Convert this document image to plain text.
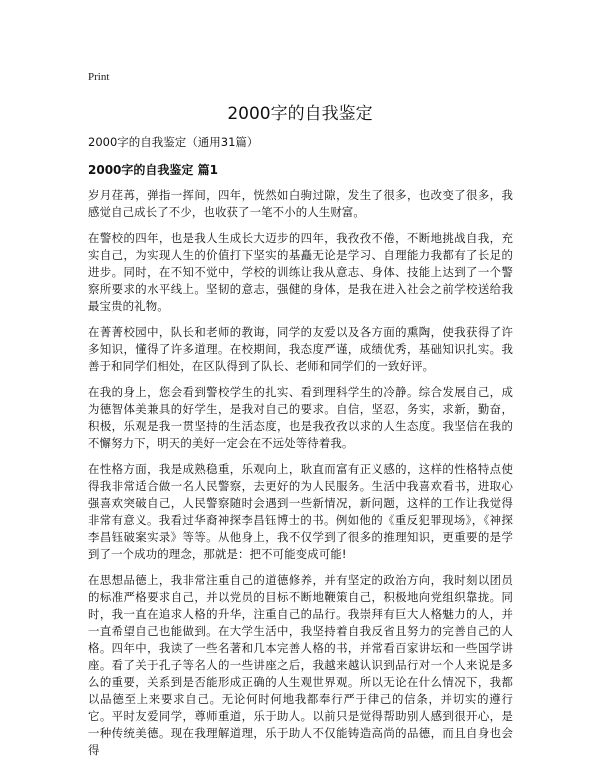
Print
2000字的自我鉴定
2000字的自我鉴定（通用31篇）
2000字的自我鉴定 篇1

岁月荏苒，弹指一挥间，四年，恍然如白驹过隙，发生了很多，也改变了很多，我感觉自己成长了不少，也收获了一笔不小的人生财富。

在警校的四年，也是我人生成长大迈步的四年，我孜孜不倦，不断地挑战自我，充实自己，为实现人生的价值打下坚实的基矗无论是学习、自理能力我都有了长足的进步。同时，在不知不觉中，学校的训练让我从意志、身体、技能上达到了一个警察所要求的水平线上。坚韧的意志，强健的身体，是我在进入社会之前学校送给我最宝贵的礼物。

在菁菁校园中，队长和老师的教诲，同学的友爱以及各方面的熏陶，使我获得了许多知识，懂得了许多道理。在校期间，我态度严谨，成绩优秀，基础知识扎实。我善于和同学们相处，在区队得到了队长、老师和同学们的一致好评。

在我的身上，您会看到警校学生的扎实、看到理科学生的冷静。综合发展自己，成为德智体美兼具的好学生，是我对自己的要求。自信，坚忍，务实，求新，勤奋，积极，乐观是我一贯坚持的生活态度，也是我孜孜以求的人生态度。我坚信在我的不懈努力下，明天的美好一定会在不远处等待着我。

在性格方面，我是成熟稳重，乐观向上，耿直而富有正义感的，这样的性格特点使得我非常适合做一名人民警察，去更好的为人民服务。生活中我喜欢看书，进取心强喜欢突破自己，人民警察随时会遇到一些新情况，新问题，这样的工作让我觉得非常有意义。我看过华裔神探李昌钰博士的书。例如他的《重反犯罪现场》，《神探李昌钰破案实录》等等。从他身上，我不仅学到了很多的推理知识，更重要的是学到了一个成功的理念，那就是：把不可能变成可能!

在思想品德上，我非常注重自己的道德修养，并有坚定的政治方向，我时刻以团员的标准严格要求自己，并以党员的目标不断地鞭策自己，积极地向党组织靠拢。同时，我一直在追求人格的升华，注重自己的品行。我崇拜有巨大人格魅力的人，并一直希望自己也能做到。在大学生活中，我坚持着自我反省且努力的完善自己的人格。四年中，我读了一些名著和几本完善人格的书，并常看百家讲坛和一些国学讲座。看了关于孔子等名人的一些讲座之后，我越来越认识到品行对一个人来说是多么的重要，关系到是否能形成正确的人生观世界观。所以无论在什么情况下，我都以品德至上来要求自己。无论何时何地我都奉行严于律己的信条，并切实的遵行它。平时友爱同学，尊师重道，乐于助人。以前只是觉得帮助别人感到很开心，是一种传统美德。现在我理解道理，乐于助人不仅能铸造高尚的品德，而且自身也会得
